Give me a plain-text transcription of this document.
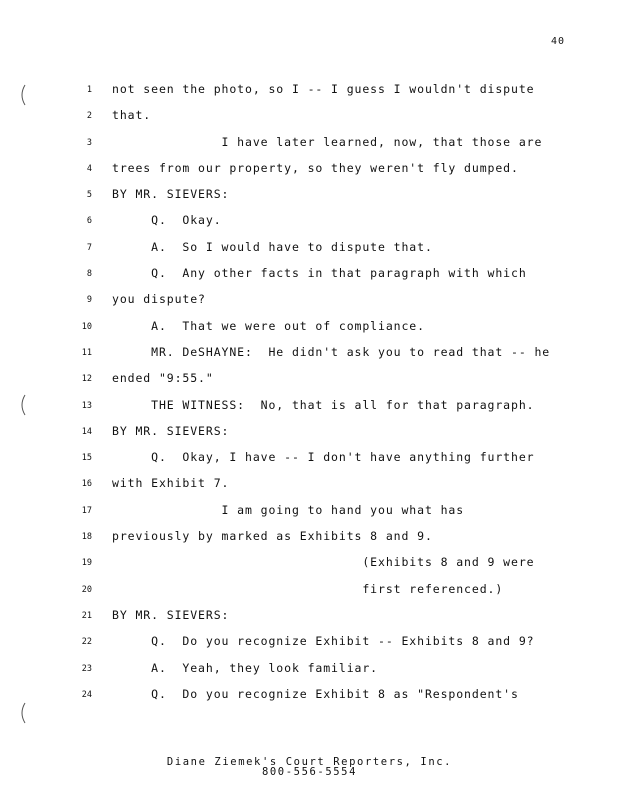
40
1 not seen the photo, so I -- I guess I wouldn't dispute
2 that.
3 I have later learned, now, that those are
4 trees from our property, so they weren't fly dumped.
5 BY MR. SIEVERS:
6 Q.  Okay.
7 A.  So I would have to dispute that.
8 Q.  Any other facts in that paragraph with which
9 you dispute?
10 A.  That we were out of compliance.
11 MR. DeSHAYNE:  He didn't ask you to read that -- he
12 ended "9:55."
13 THE WITNESS:  No, that is all for that paragraph.
14 BY MR. SIEVERS:
15 Q.  Okay, I have -- I don't have anything further
16 with Exhibit 7.
17 I am going to hand you what has
18 previously by marked as Exhibits 8 and 9.
19 (Exhibits 8 and 9 were
20 first referenced.)
21 BY MR. SIEVERS:
22 Q.  Do you recognize Exhibit -- Exhibits 8 and 9?
23 A.  Yeah, they look familiar.
24 Q.  Do you recognize Exhibit 8 as "Respondent's
Diane Ziemek's Court Reporters, Inc.
800-556-5554
